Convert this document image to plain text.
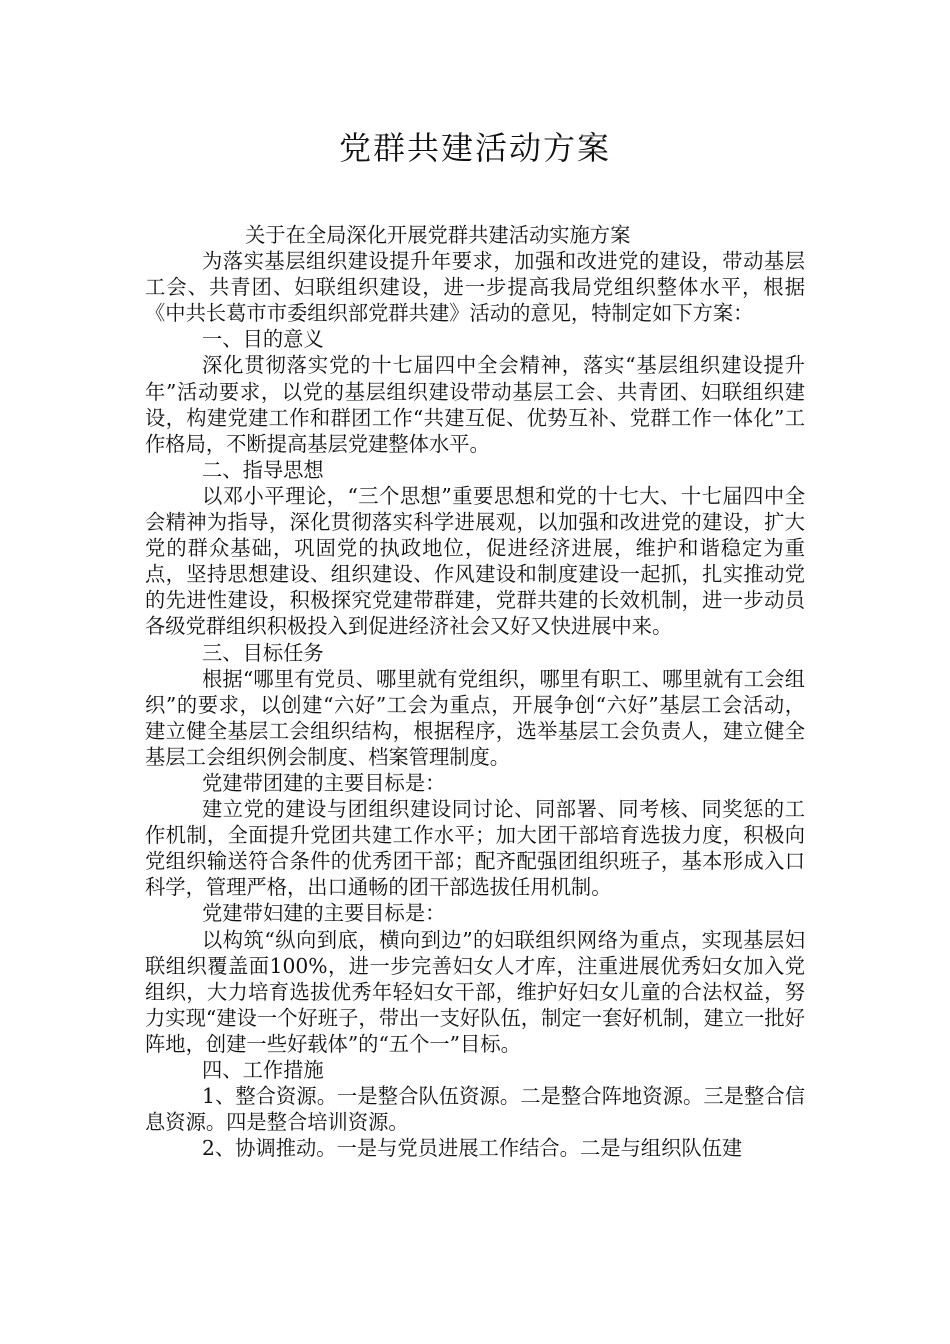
党群共建活动方案

关于在全局深化开展党群共建活动实施方案

为落实基层组织建设提升年要求，加强和改进党的建设，带动基层工会、共青团、妇联组织建设，进一步提高我局党组织整体水平，根据《中共长葛市市委组织部党群共建》活动的意见，特制定如下方案：

一、目的意义

深化贯彻落实党的十七届四中全会精神，落实“基层组织建设提升年”活动要求，以党的基层组织建设带动基层工会、共青团、妇联组织建设，构建党建工作和群团工作“共建互促、优势互补、党群工作一体化”工作格局，不断提高基层党建整体水平。

二、指导思想

以邓小平理论，“三个思想”重要思想和党的十七大、十七届四中全会精神为指导，深化贯彻落实科学进展观，以加强和改进党的建设，扩大党的群众基础，巩固党的执政地位，促进经济进展，维护和谐稳定为重点，坚持思想建设、组织建设、作风建设和制度建设一起抓，扎实推动党的先进性建设，积极探究党建带群建，党群共建的长效机制，进一步动员各级党群组织积极投入到促进经济社会又好又快进展中来。

三、目标任务

根据“哪里有党员、哪里就有党组织，哪里有职工、哪里就有工会组织”的要求，以创建“六好”工会为重点，开展争创“六好”基层工会活动，建立健全基层工会组织结构，根据程序，选举基层工会负责人，建立健全基层工会组织例会制度、档案管理制度。

党建带团建的主要目标是：

建立党的建设与团组织建设同讨论、同部署、同考核、同奖惩的工作机制，全面提升党团共建工作水平；加大团干部培育选拔力度，积极向党组织输送符合条件的优秀团干部；配齐配强团组织班子，基本形成入口科学，管理严格，出口通畅的团干部选拔任用机制。

党建带妇建的主要目标是：

以构筑“纵向到底，横向到边”的妇联组织网络为重点，实现基层妇联组织覆盖面100%，进一步完善妇女人才库，注重进展优秀妇女加入党组织，大力培育选拔优秀年轻妇女干部，维护好妇女儿童的合法权益，努力实现“建设一个好班子，带出一支好队伍，制定一套好机制，建立一批好阵地，创建一些好载体”的“五个一”目标。

四、工作措施

1、整合资源。一是整合队伍资源。二是整合阵地资源。三是整合信息资源。四是整合培训资源。

2、协调推动。一是与党员进展工作结合。二是与组织队伍建
